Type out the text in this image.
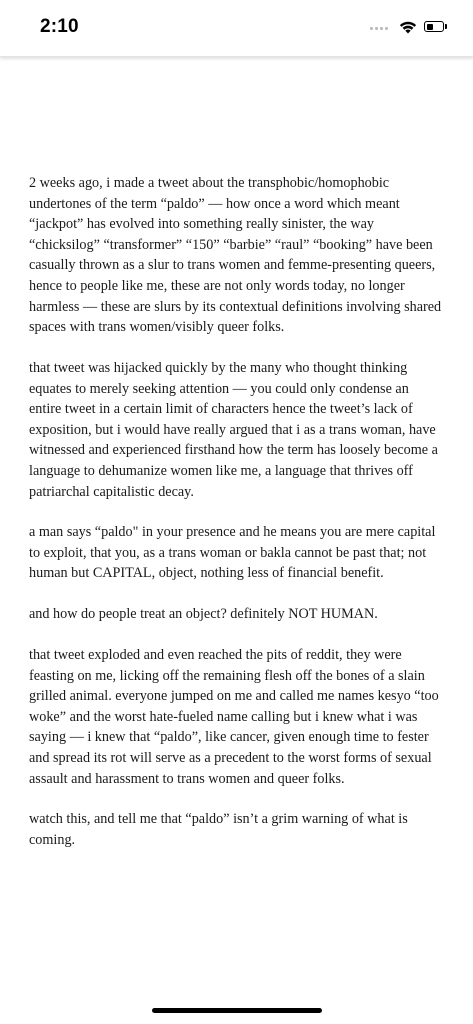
2:10

2 weeks ago, i made a tweet about the transphobic/homophobic undertones of the term “paldo” — how once a word which meant “jackpot” has evolved into something really sinister, the way “chicksilog” “transformer” “150” “barbie” “raul” “booking” have been casually thrown as a slur to trans women and femme-presenting queers, hence to people like me, these are not only words today, no longer harmless — these are slurs by its contextual definitions involving shared spaces with trans women/visibly queer folks.

that tweet was hijacked quickly by the many who thought thinking equates to merely seeking attention — you could only condense an entire tweet in a certain limit of characters hence the tweet’s lack of exposition, but i would have really argued that i as a trans woman, have witnessed and experienced firsthand how the term has loosely become a language to dehumanize women like me, a language that thrives off patriarchal capitalistic decay.

a man says “paldo" in your presence and he means you are mere capital to exploit, that you, as a trans woman or bakla cannot be past that; not human but CAPITAL, object, nothing less of financial benefit.

and how do people treat an object? definitely NOT HUMAN.

that tweet exploded and even reached the pits of reddit, they were feasting on me, licking off the remaining flesh off the bones of a slain grilled animal. everyone jumped on me and called me names kesyo “too woke” and the worst hate-fueled name calling but i knew what i was saying — i knew that “paldo”, like cancer, given enough time to fester and spread its rot will serve as a precedent to the worst forms of sexual assault and harassment to trans women and queer folks.

watch this, and tell me that “paldo” isn’t a grim warning of what is coming.
